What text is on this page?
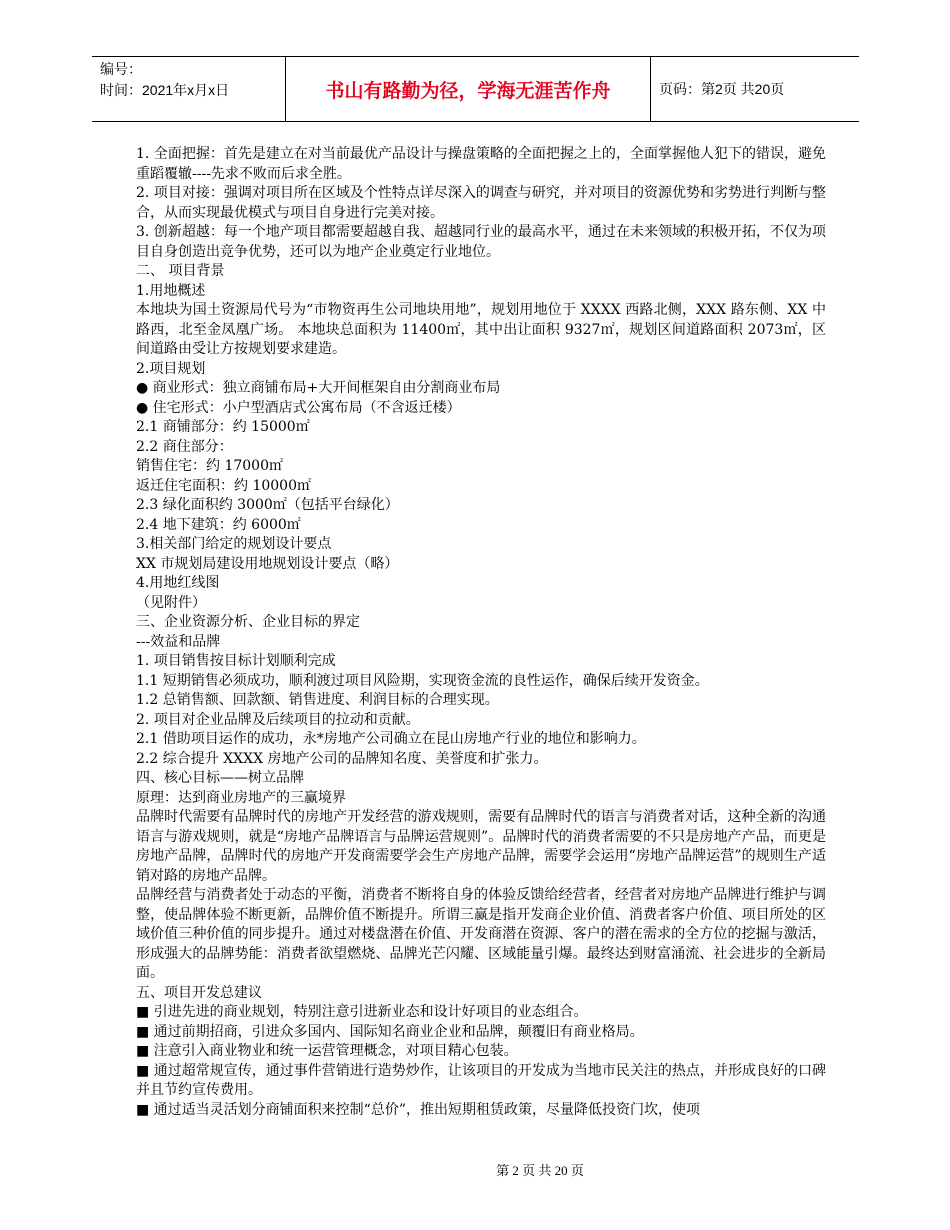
编号：
时间：2021年x月x日	书山有路勤为径，学海无涯苦作舟	页码：第2页 共20页

1. 全面把握：首先是建立在对当前最优产品设计与操盘策略的全面把握之上的，全面掌握他人犯下的错误，避免重蹈覆辙----先求不败而后求全胜。

2. 项目对接：强调对项目所在区域及个性特点详尽深入的调查与研究，并对项目的资源优势和劣势进行判断与整合，从而实现最优模式与项目自身进行完美对接。

3. 创新超越：每一个地产项目都需要超越自我、超越同行业的最高水平，通过在未来领域的积极开拓，不仅为项目自身创造出竞争优势，还可以为地产企业奠定行业地位。

二、 项目背景

1.用地概述

本地块为国土资源局代号为“市物资再生公司地块用地”，规划用地位于 XXXX 西路北侧，XXX 路东侧、XX 中路西，北至金凤凰广场。 本地块总面积为 11400㎡，其中出让面积 9327㎡，规划区间道路面积 2073㎡，区间道路由受让方按规划要求建造。

2.项目规划

● 商业形式：独立商铺布局+大开间框架自由分割商业布局

● 住宅形式：小户型酒店式公寓布局（不含返迁楼）

2.1 商铺部分：约 15000㎡

2.2 商住部分：

销售住宅：约 17000㎡

返迁住宅面积：约 10000㎡

2.3 绿化面积约 3000㎡（包括平台绿化）

2.4 地下建筑：约 6000㎡

3.相关部门给定的规划设计要点

XX 市规划局建设用地规划设计要点（略）

4.用地红线图

（见附件）

三、企业资源分析、企业目标的界定

---效益和品牌

1. 项目销售按目标计划顺利完成

1.1 短期销售必须成功，顺利渡过项目风险期，实现资金流的良性运作，确保后续开发资金。

1.2 总销售额、回款额、销售进度、利润目标的合理实现。

2. 项目对企业品牌及后续项目的拉动和贡献。

2.1 借助项目运作的成功，永*房地产公司确立在昆山房地产行业的地位和影响力。

2.2 综合提升 XXXX 房地产公司的品牌知名度、美誉度和扩张力。

四、核心目标——树立品牌

原理：达到商业房地产的三赢境界

品牌时代需要有品牌时代的房地产开发经营的游戏规则，需要有品牌时代的语言与消费者对话，这种全新的沟通语言与游戏规则，就是“房地产品牌语言与品牌运营规则”。品牌时代的消费者需要的不只是房地产产品，而更是房地产品牌，品牌时代的房地产开发商需要学会生产房地产品牌，需要学会运用“房地产品牌运营”的规则生产适销对路的房地产品牌。

品牌经营与消费者处于动态的平衡，消费者不断将自身的体验反馈给经营者，经营者对房地产品牌进行维护与调整，使品牌体验不断更新，品牌价值不断提升。所谓三赢是指开发商企业价值、消费者客户价值、项目所处的区域价值三种价值的同步提升。通过对楼盘潜在价值、开发商潜在资源、客户的潜在需求的全方位的挖掘与激活，形成强大的品牌势能：消费者欲望燃烧、品牌光芒闪耀、区域能量引爆。最终达到财富涌流、社会进步的全新局面。

五、项目开发总建议

■ 引进先进的商业规划，特别注意引进新业态和设计好项目的业态组合。

■ 通过前期招商，引进众多国内、国际知名商业企业和品牌，颠覆旧有商业格局。

■ 注意引入商业物业和统一运营管理概念，对项目精心包装。

■ 通过超常规宣传，通过事件营销进行造势炒作，让该项目的开发成为当地市民关注的热点，并形成良好的口碑并且节约宣传费用。

■ 通过适当灵活划分商铺面积来控制“总价”，推出短期租赁政策，尽量降低投资门坎，使项

第 2 页 共 20 页
